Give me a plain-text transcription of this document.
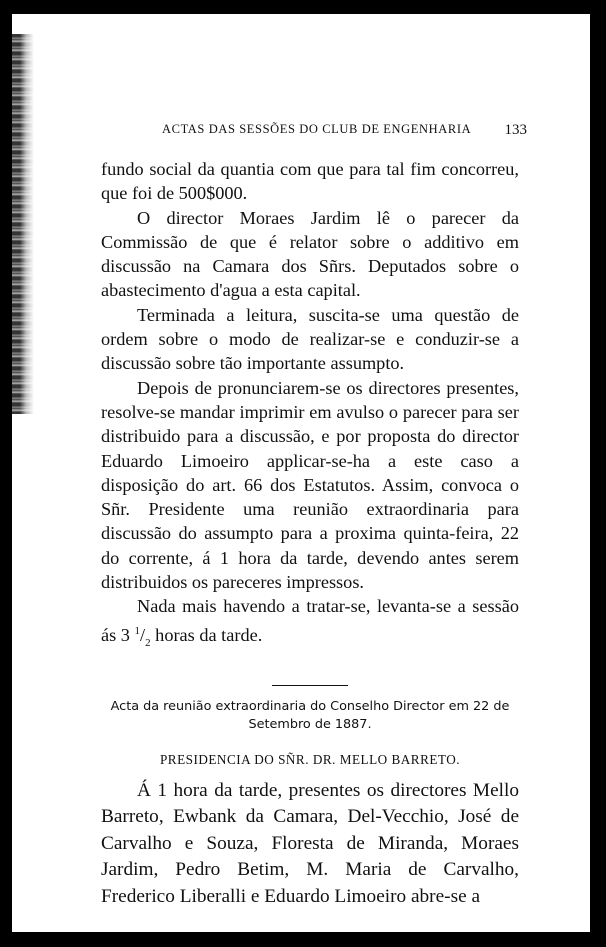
ACTAS DAS SESSÕES DO CLUB DE ENGENHARIA 133

fundo social da quantia com que para tal fim concorreu, que foi de 500$000.

O director Moraes Jardim lê o parecer da Commissão de que é relator sobre o additivo em discussão na Camara dos Sñrs. Deputados sobre o abastecimento d'agua a esta capital.

Terminada a leitura, suscita-se uma questão de ordem sobre o modo de realizar-se e conduzir-se a discussão sobre tão importante assumpto.

Depois de pronunciarem-se os directores presentes, resolve-se mandar imprimir em avulso o parecer para ser distribuido para a discussão, e por proposta do director Eduardo Limoeiro applicar-se-ha a este caso a disposição do art. 66 dos Estatutos. Assim, convoca o Sñr. Presidente uma reunião extraordinaria para discussão do assumpto para a proxima quinta-feira, 22 do corrente, á 1 hora da tarde, devendo antes serem distribuidos os pareceres impressos.

Nada mais havendo a tratar-se, levanta-se a sessão ás 3 $^1/_2$ horas da tarde.

Acta da reunião extraordinaria do Conselho Director em 22 de Setembro de 1887.
PRESIDENCIA DO SÑR. DR. MELLO BARRETO.

Á 1 hora da tarde, presentes os directores Mello Barreto, Ewbank da Camara, Del-Vecchio, José de Carvalho e Souza, Floresta de Miranda, Moraes Jardim, Pedro Betim, M. Maria de Carvalho, Frederico Liberalli e Eduardo Limoeiro abre-se a
